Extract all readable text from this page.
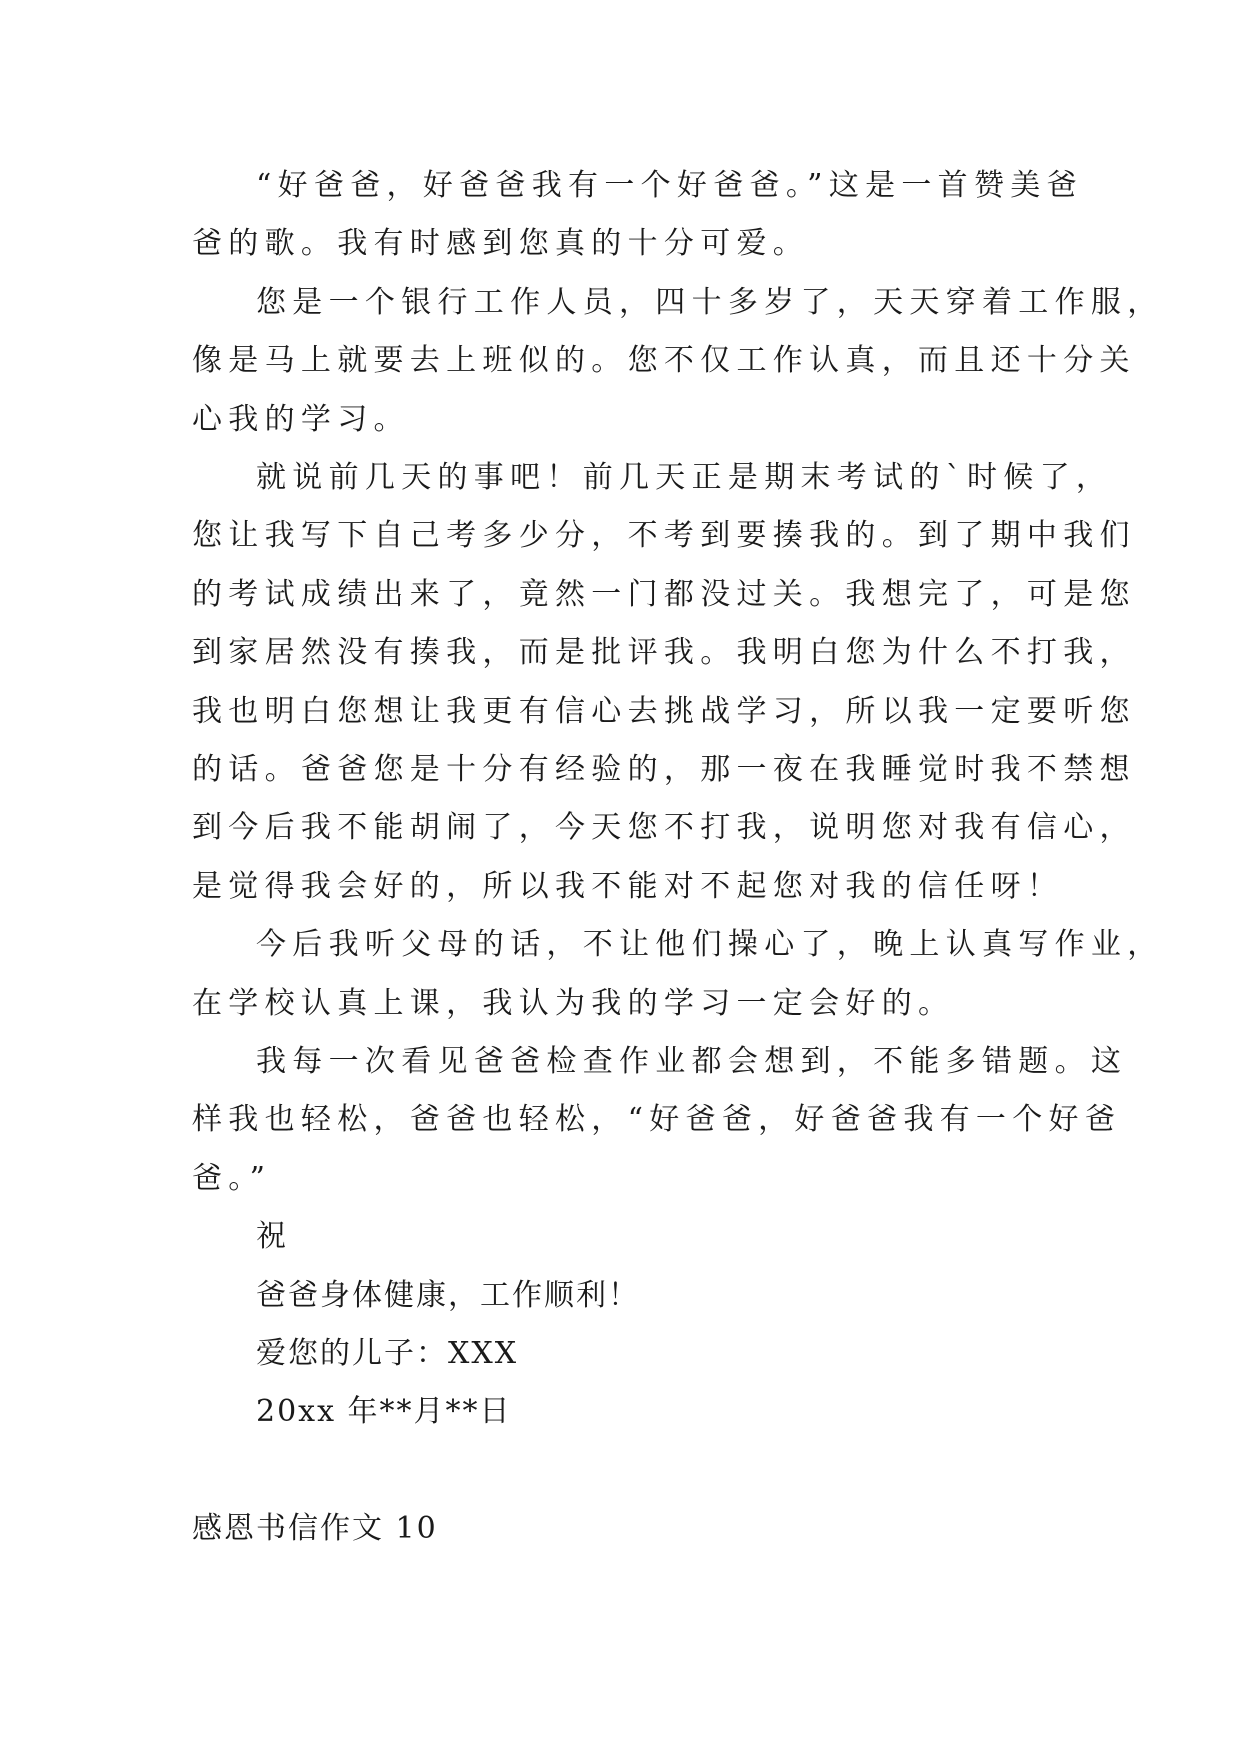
“好爸爸，好爸爸我有一个好爸爸。”这是一首赞美爸
爸的歌。我有时感到您真的十分可爱。
您是一个银行工作人员，四十多岁了，天天穿着工作服，
像是马上就要去上班似的。您不仅工作认真，而且还十分关
心我的学习。
就说前几天的事吧！前几天正是期末考试的`时候了，
您让我写下自己考多少分，不考到要揍我的。到了期中我们
的考试成绩出来了，竟然一门都没过关。我想完了，可是您
到家居然没有揍我，而是批评我。我明白您为什么不打我，
我也明白您想让我更有信心去挑战学习，所以我一定要听您
的话。爸爸您是十分有经验的，那一夜在我睡觉时我不禁想
到今后我不能胡闹了，今天您不打我，说明您对我有信心，
是觉得我会好的，所以我不能对不起您对我的信任呀！
今后我听父母的话，不让他们操心了，晚上认真写作业，
在学校认真上课，我认为我的学习一定会好的。
我每一次看见爸爸检查作业都会想到，不能多错题。这
样我也轻松，爸爸也轻松，“好爸爸，好爸爸我有一个好爸
爸。”
祝
爸爸身体健康，工作顺利！
爱您的儿子：XXX
20xx 年**月**日
感恩书信作文 10
